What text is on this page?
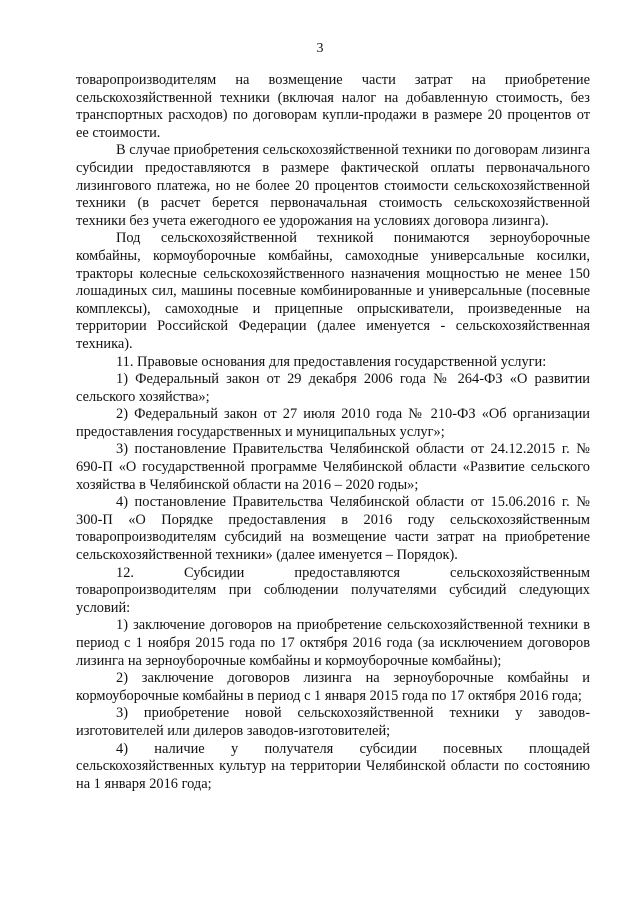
3

товаропроизводителям на возмещение части затрат на приобретение сельскохозяйственной техники (включая налог на добавленную стоимость, без транспортных расходов) по договорам купли-продажи в размере 20 процентов от ее стоимости.

В случае приобретения сельскохозяйственной техники по договорам лизинга субсидии предоставляются в размере фактической оплаты первоначального лизингового платежа, но не более 20 процентов стоимости сельскохозяйственной техники (в расчет берется первоначальная стоимость сельскохозяйственной техники без учета ежегодного ее удорожания на условиях договора лизинга).

Под сельскохозяйственной техникой понимаются зерноуборочные комбайны, кормоуборочные комбайны, самоходные универсальные косилки, тракторы колесные сельскохозяйственного назначения мощностью не менее 150 лошадиных сил, машины посевные комбинированные и универсальные (посевные комплексы), самоходные и прицепные опрыскиватели, произведенные на территории Российской Федерации (далее именуется - сельскохозяйственная техника).

11. Правовые основания для предоставления государственной услуги:

1) Федеральный закон от 29 декабря 2006 года № 264-ФЗ «О развитии сельского хозяйства»;

2) Федеральный закон от 27 июля 2010 года № 210-ФЗ «Об организации предоставления государственных и муниципальных услуг»;

3) постановление Правительства Челябинской области от 24.12.2015 г. № 690-П «О государственной программе Челябинской области «Развитие сельского хозяйства в Челябинской области на 2016 – 2020 годы»;

4) постановление Правительства Челябинской области от 15.06.2016 г. № 300-П «О Порядке предоставления в 2016 году сельскохозяйственным товаропроизводителям субсидий на возмещение части затрат на приобретение сельскохозяйственной техники» (далее именуется – Порядок).

12. Субсидии предоставляются сельскохозяйственным товаропроизводителям при соблюдении получателями субсидий следующих условий:

1) заключение договоров на приобретение сельскохозяйственной техники в период с 1 ноября 2015 года по 17 октября 2016 года (за исключением договоров лизинга на зерноуборочные комбайны и кормоуборочные комбайны);

2) заключение договоров лизинга на зерноуборочные комбайны и кормоуборочные комбайны в период с 1 января 2015 года по 17 октября 2016 года;

3) приобретение новой сельскохозяйственной техники у заводов-изготовителей или дилеров заводов-изготовителей;

4) наличие у получателя субсидии посевных площадей сельскохозяйственных культур на территории Челябинской области по состоянию на 1 января 2016 года;
